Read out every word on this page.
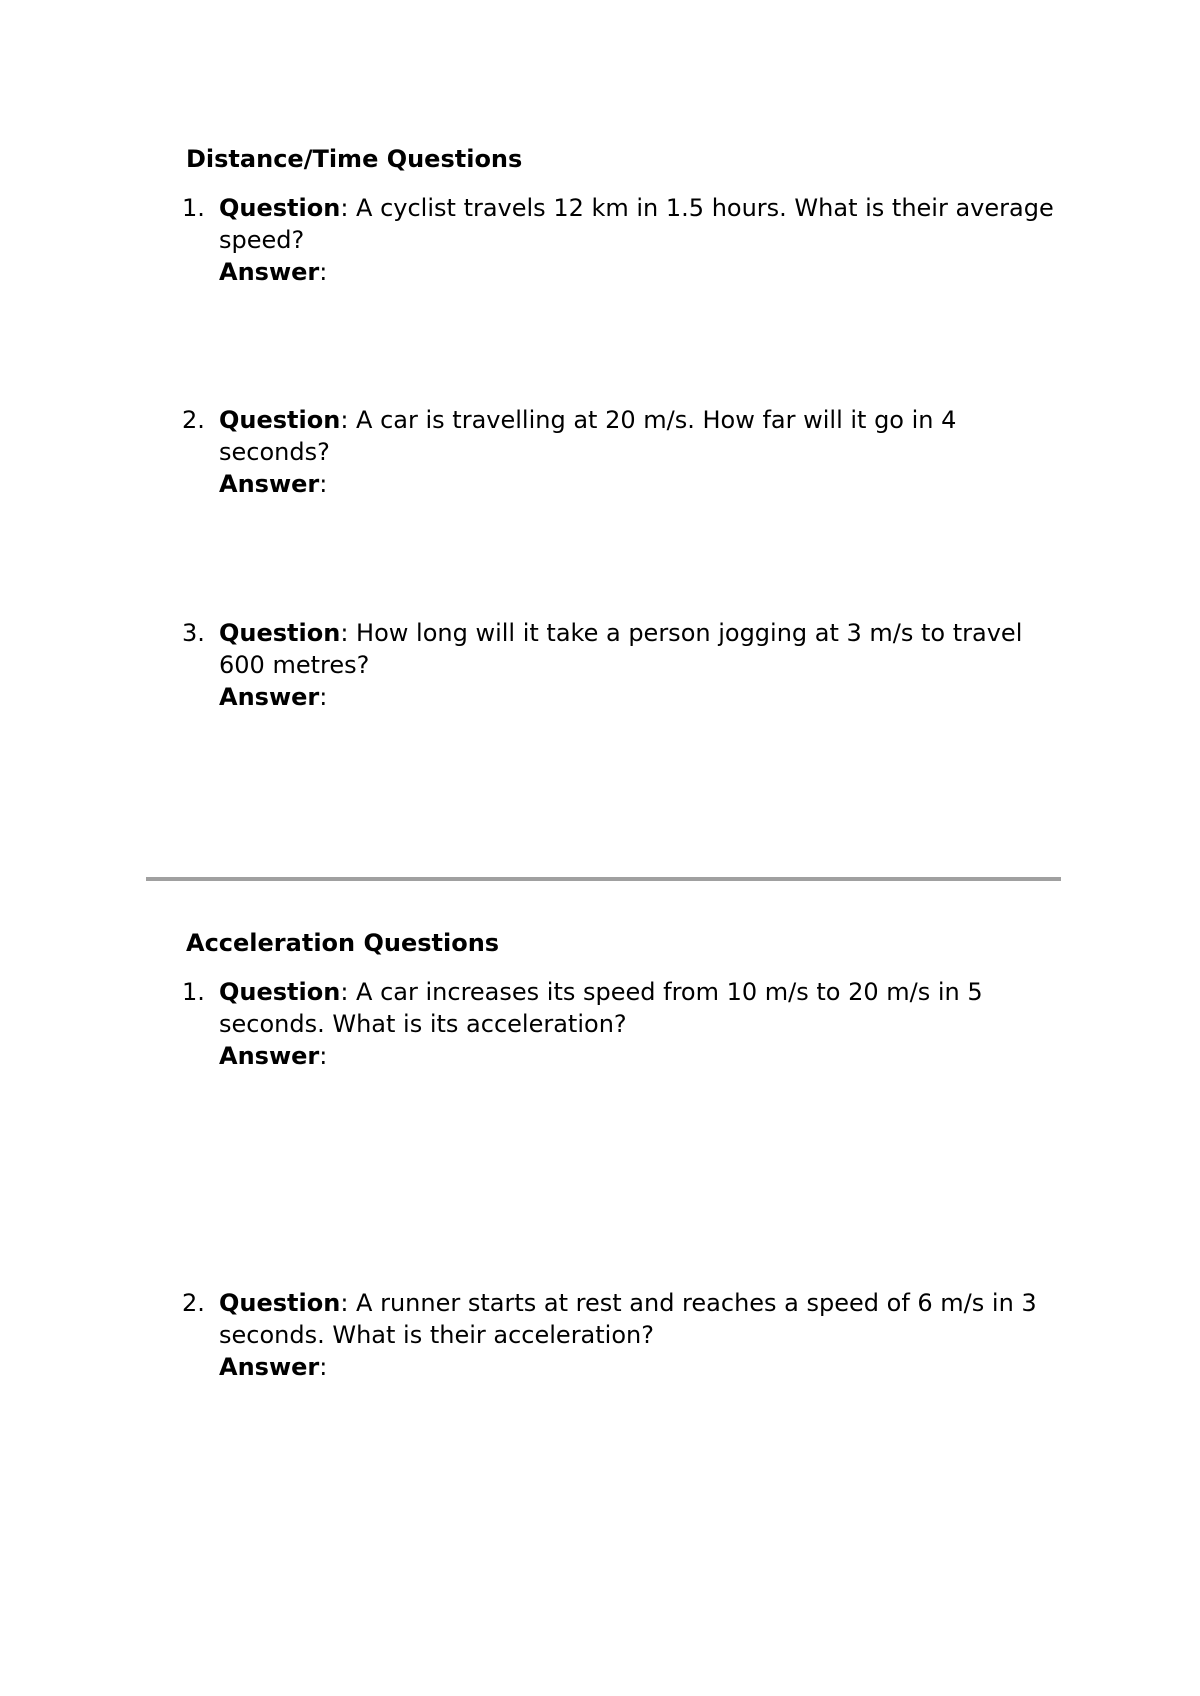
Distance/Time Questions
1. Question: A cyclist travels 12 km in 1.5 hours. What is their average speed?
Answer:
2. Question: A car is travelling at 20 m/s. How far will it go in 4 seconds?
Answer:
3. Question: How long will it take a person jogging at 3 m/s to travel 600 metres?
Answer:
Acceleration Questions
1. Question: A car increases its speed from 10 m/s to 20 m/s in 5 seconds. What is its acceleration?
Answer:
2. Question: A runner starts at rest and reaches a speed of 6 m/s in 3 seconds. What is their acceleration?
Answer:
